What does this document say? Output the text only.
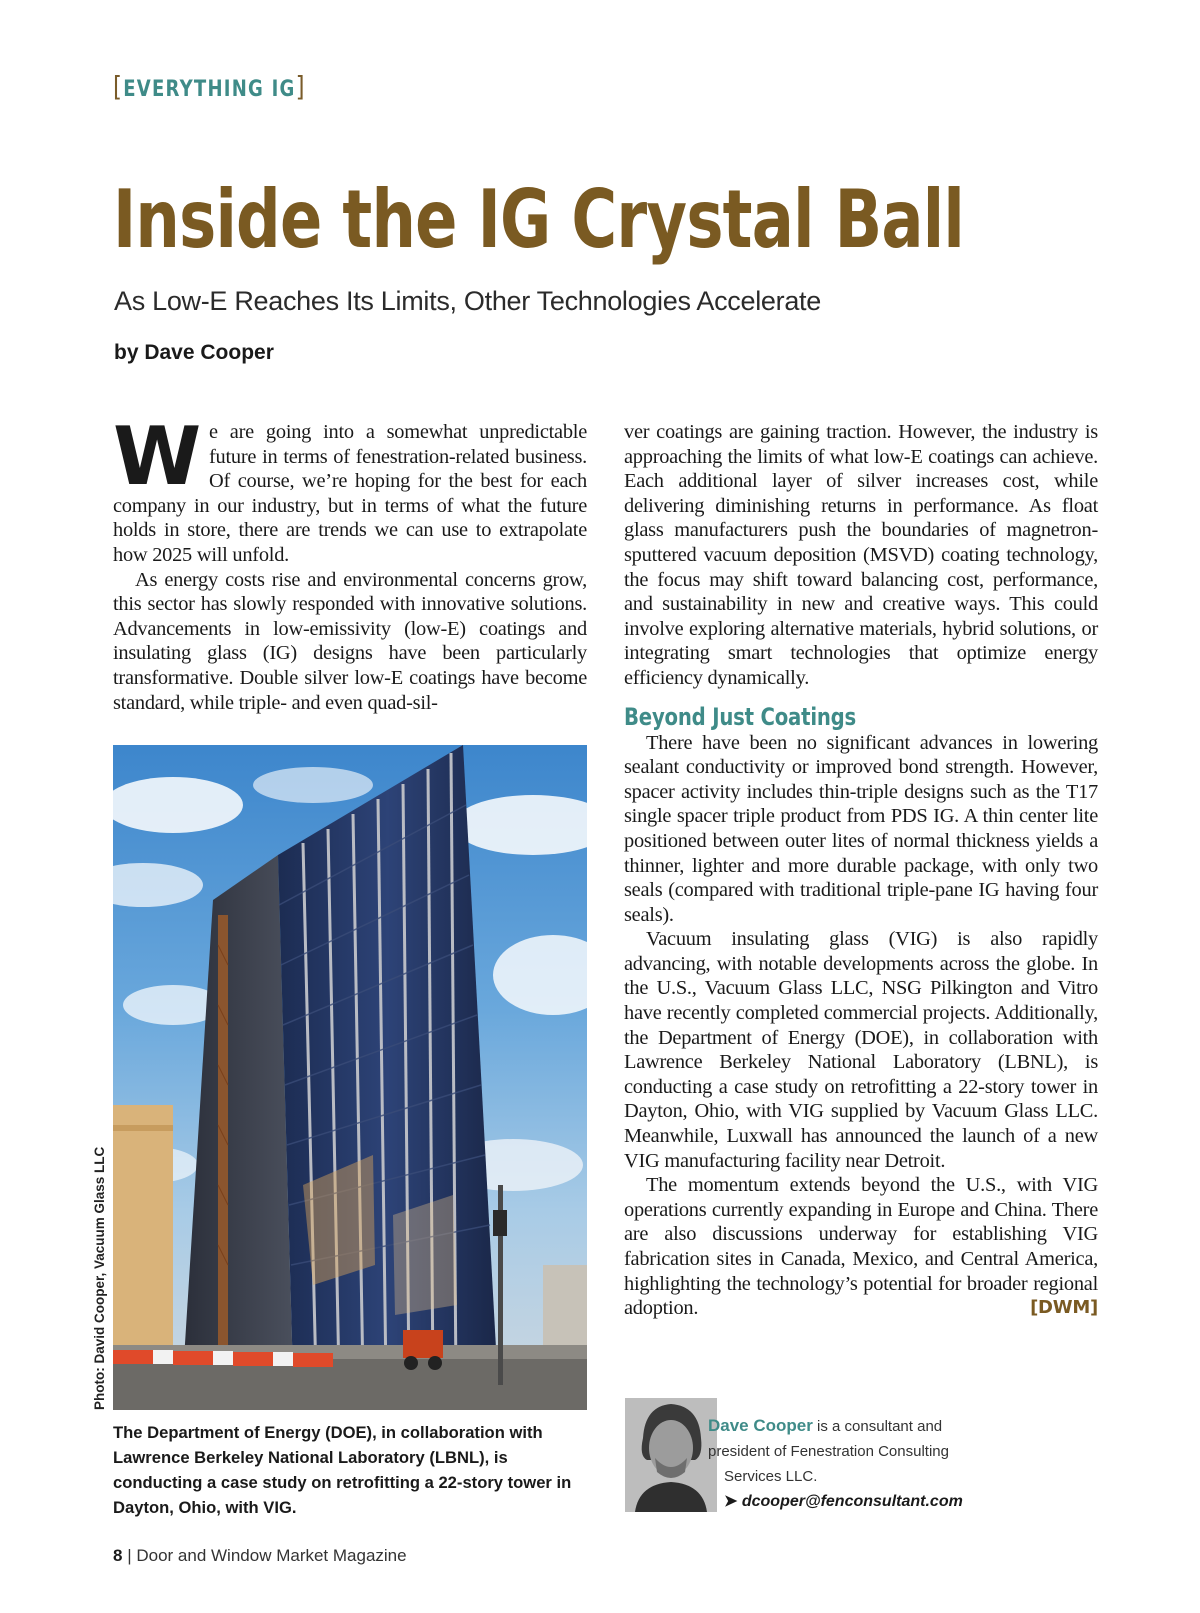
[EVERYTHING IG]
Inside the IG Crystal Ball
As Low-E Reaches Its Limits, Other Technologies Accelerate
by Dave Cooper

We are going into a somewhat unpredictable future in terms of fenestration-related business. Of course, we’re hoping for the best for each company in our industry, but in terms of what the future holds in store, there are trends we can use to extrapolate how 2025 will unfold.

As energy costs rise and environmental concerns grow, this sector has slowly responded with innovative solutions. Advancements in low-emissivity (low-E) coatings and insulating glass (IG) designs have been particularly transformative. Double silver low-E coatings have become standard, while triple- and even quad-sil-

Photo: David Cooper, Vacuum Glass LLC
The Department of Energy (DOE), in collaboration with Lawrence Berkeley National Laboratory (LBNL), is conducting a case study on retrofitting a 22-story tower in Dayton, Ohio, with VIG.

ver coatings are gaining traction. However, the industry is approaching the limits of what low-E coatings can achieve. Each additional layer of silver increases cost, while delivering diminishing returns in performance. As float glass manufacturers push the boundaries of magnetron-sputtered vacuum deposition (MSVD) coating technology, the focus may shift toward balancing cost, performance, and sustainability in new and creative ways. This could involve exploring alternative materials, hybrid solutions, or integrating smart technologies that optimize energy efficiency dynamically.

Beyond Just Coatings

There have been no significant advances in lowering sealant conductivity or improved bond strength. However, spacer activity includes thin-triple designs such as the T17 single spacer triple product from PDS IG. A thin center lite positioned between outer lites of normal thickness yields a thinner, lighter and more durable package, with only two seals (compared with traditional triple-pane IG having four seals).

Vacuum insulating glass (VIG) is also rapidly advancing, with notable developments across the globe. In the U.S., Vacuum Glass LLC, NSG Pilkington and Vitro have recently completed commercial projects. Additionally, the Department of Energy (DOE), in collaboration with Lawrence Berkeley National Laboratory (LBNL), is conducting a case study on retrofitting a 22-story tower in Dayton, Ohio, with VIG supplied by Vacuum Glass LLC. Meanwhile, Luxwall has announced the launch of a new VIG manufacturing facility near Detroit.

The momentum extends beyond the U.S., with VIG operations currently expanding in Europe and China. There are also discussions underway for establishing VIG fabrication sites in Canada, Mexico, and Central America, highlighting the technology’s potential for broader regional adoption.	[DWM]

Dave Cooper is a consultant and
president of Fenestration Consulting
Services LLC.
➤ dcooper@fenconsultant.com
8 | Door and Window Market Magazine
